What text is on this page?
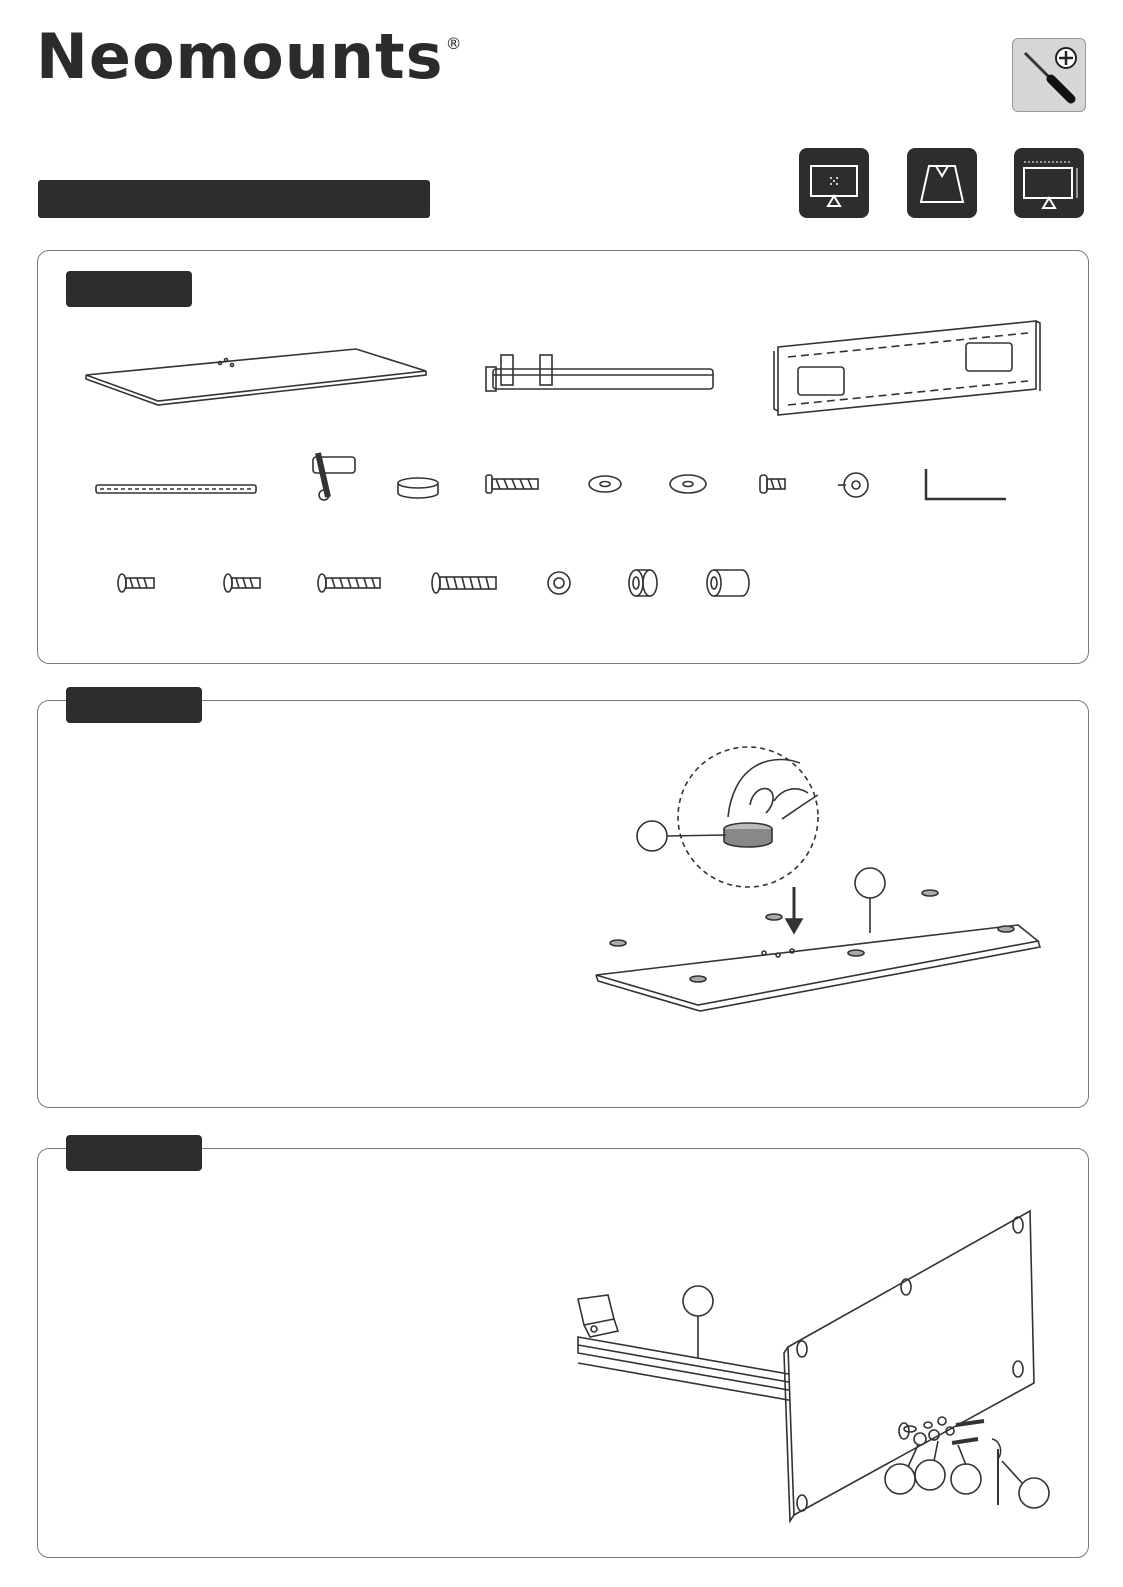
Neomounts ®
